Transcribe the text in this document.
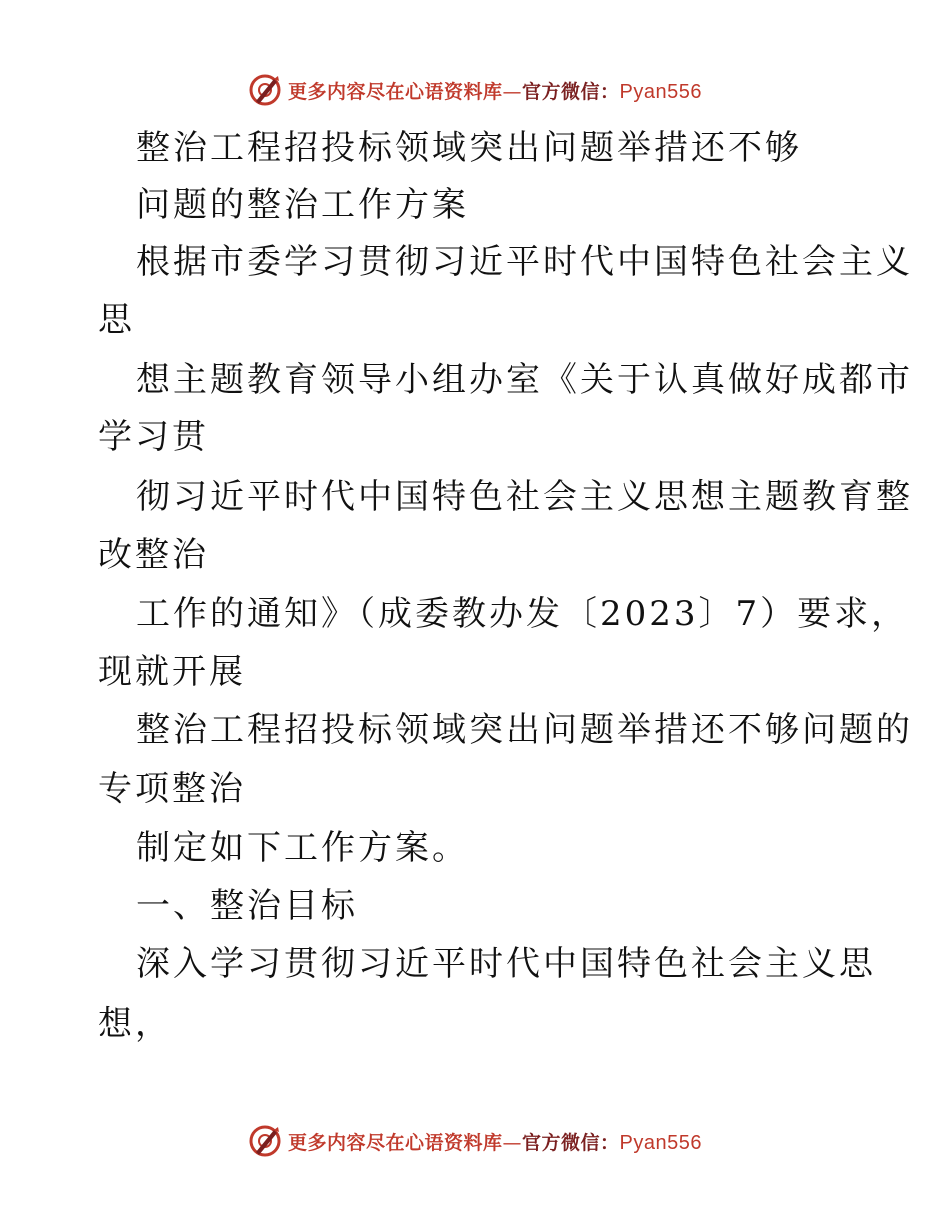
更多内容尽在心语资料库—官方微信：Pyan556
整治工程招投标领域突出问题举措还不够
问题的整治工作方案
根据市委学习贯彻习近平时代中国特色社会主义
思
想主题教育领导小组办室《关于认真做好成都市
学习贯
彻习近平时代中国特色社会主义思想主题教育整
改整治
工作的通知》（成委教办发〔2023〕7）要求，
现就开展
整治工程招投标领域突出问题举措还不够问题的
专项整治
制定如下工作方案。
一、整治目标
深入学习贯彻习近平时代中国特色社会主义思
想，
更多内容尽在心语资料库—官方微信：Pyan556
